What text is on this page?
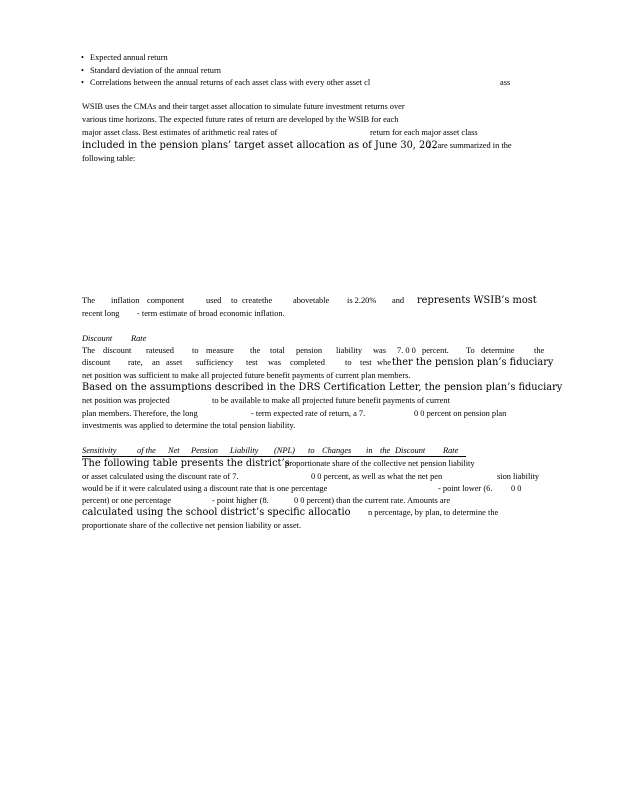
• Expected annual return
• Standard deviation of the annual return
• Correlations between the annual returns of each asset class with every other asset cl	ass
WSIB uses the CMAs and their target asset allocation to simulate future investment returns over
various time horizons. The expected future rates of return are developed by the WSIB for each
major asset class. Best estimates of arithmetic real rates of	return for each major asset class
included in the pension plans’ target asset allocation as of June 30, 202
2 , are summarized in the
following table:
The inflation component	used to createthe abovetable is 2.20% and represents WSIB’s most
recent long - term estimate of broad economic inflation.
Discount Rate
The discount rateused to measure the total pension liability was 7. 0 0 percent. To determine the
discount rate, an asset sufficiency test was completed to test whe ther the pension plan’s fiduciary
net position was sufficient to make all projected future benefit payments of current plan members.
Based on the assumptions described in the DRS Certification Letter, the pension plan’s fiduciary
net position was projected	to be available to make all projected future benefit payments of current
plan members. Therefore, the long	- term expected rate of return, a 7.	0 0 percent on pension plan
investments was applied to determine the total pension liability.
Sensitivity of the Net Pension Liability (NPL) to Changes in the Discount Rate
The following table presents the district’s
proportionate share of the collective net pension liability
or asset calculated using the discount rate of 7.	0 0 percent, as well as what the net pen	sion liability
would be if it were calculated using a discount rate that is one percentage	- point lower (6. 0 0
percent) or one percentage	- point higher (8.	0 0 percent) than the current rate. Amounts are
calculated using the school district’s specific allocatio n percentage, by plan, to determine the
proportionate share of the collective net pension liability or asset.
